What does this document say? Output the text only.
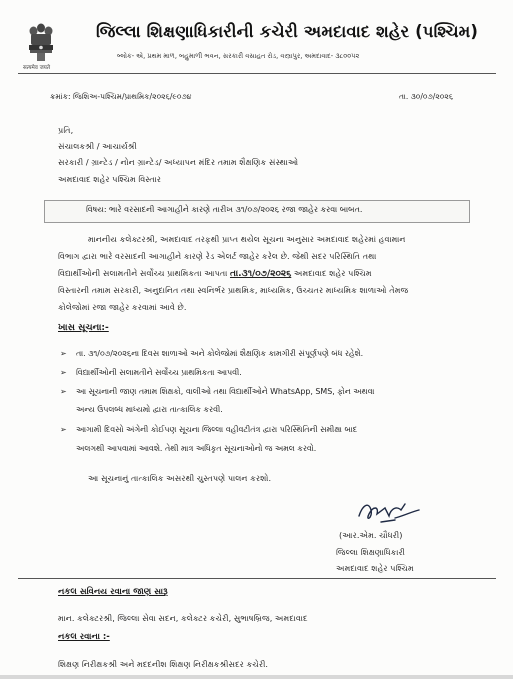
सत्यमेव जयते
જિલ્લા શિક્ષણાધિકારીની કચેરી અમદાવાદ શહેર (પશ્ચિમ)
બ્લોક- એ, પ્રથમ માળ, બહુમાળી ભવન, સરકારી વસાહત રોડ, વસ્ત્રાપુર, અમદાવાદ- ૩૮૦૦૫૨
ક્રમાંક: જિશિઅ-પશ્ચિમ/પ્રાથમિક/૨૦૨૬/૯૦૭૪	તા. ૩૦/૦૭/૨૦૨૬
પ્રતિ,
સંચાલકશ્રી / આચાર્યશ્રી
સરકારી / ગ્રાન્ટેડ / નોન ગ્રાન્ટેડ/ અધ્યાપન મંદિર તમામ શૈક્ષણિક સંસ્થાઓ
અમદાવાદ શહેર પશ્ચિમ વિસ્તાર
વિષય: ભારે વરસાદની આગાહીને કારણે તારીખ ૩૧/૦૭/૨૦૨૬ રજા જાહેર કરવા બાબત.
માનનીય કલેક્ટરશ્રી, અમદાવાદ તરફથી પ્રાપ્ત થયેલ સૂચના અનુસાર અમદાવાદ શહેરમાં હવામાન
વિભાગ દ્વારા ભારે વરસાદની આગાહીને કારણે રેડ એલર્ટ જાહેર કરેલ છે. જેથી સદર પરિસ્થિતિ તથા
વિદ્યાર્થીઓની સલામતીને સર્વોચ્ચ પ્રાથમિકતા આપતા તા.૩૧/૦૭/૨૦૨૬ અમદાવાદ શહેર પશ્ચિમ
વિસ્તારની તમામ સરકારી, અનુદાનિત તથા સ્વનિર્ભર પ્રાથમિક, માધ્યમિક, ઉચ્ચતર માધ્યમિક શાળાઓ તેમજ
કોલેજોમાં રજા જાહેર કરવામાં આવે છે.
ખાસ સૂચના:-
➢ તા. ૩૧/૦૭/૨૦૨૬ના દિવસ શાળાઓ અને કોલેજોમાં શૈક્ષણિક કામગીરી સંપૂર્ણપણે બંધ રહેશે.
➢ વિદ્યાર્થીઓની સલામતીને સર્વોચ્ચ પ્રાથમિકતા આપવી.
➢ આ સૂચનાની જાણ તમામ શિક્ષકો, વાલીઓ તથા વિદ્યાર્થીઓને WhatsApp, SMS, ફોન અથવા
અન્ય ઉપલબ્ધ માધ્યમો દ્વારા તાત્કાલિક કરવી.
➢ આગામી દિવસો અંગેની કોઈપણ સૂચના જિલ્લા વહીવટીતંત્ર દ્વારા પરિસ્થિતિની સમીક્ષા બાદ
અલગથી આપવામાં આવશે. તેથી માત્ર અધિકૃત સૂચનાઓનો જ અમલ કરવો.
આ સૂચનાનું તાત્કાલિક અસરથી ચુસ્તપણે પાલન કરશો.
(આર.એમ. ચૌધરી)
જિલ્લા શિક્ષણાધિકારી
અમદાવાદ શહેર પશ્ચિમ
નકલ સવિનય રવાના જાણ સારૂ
માન. કલેક્ટરશ્રી, જિલ્લા સેવા સદન, કલેક્ટર કચેરી, સુભાષબ્રિજ, અમદાવાદ
નકલ રવાના :-
શિક્ષણ નિરીક્ષકશ્રી અને મદદનીશ શિક્ષણ નિરીક્ષકશ્રીસદર કચેરી.
